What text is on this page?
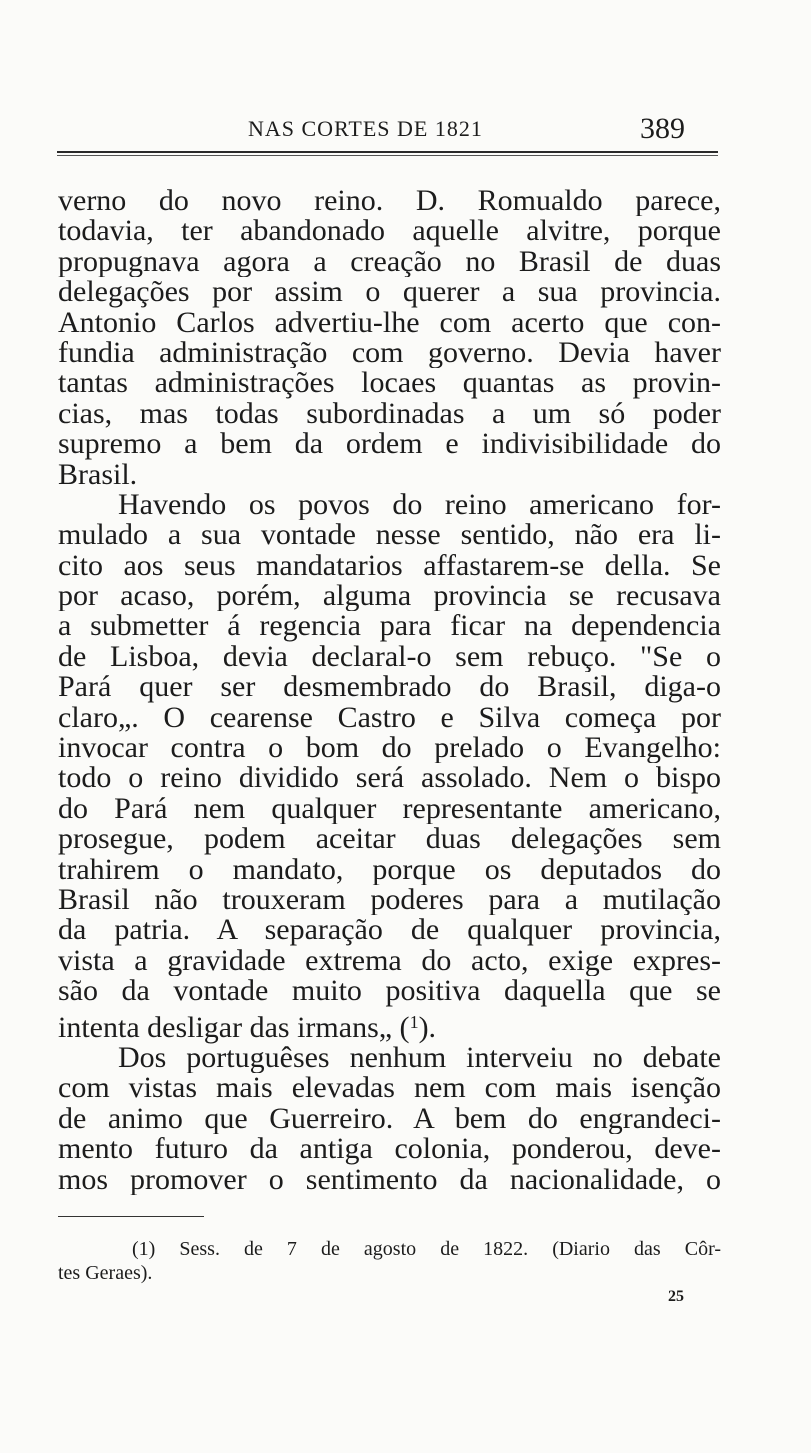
NAS CORTES DE 1821	389
verno do novo reino. D. Romualdo parece,
todavia, ter abandonado aquelle alvitre, porque
propugnava agora a creação no Brasil de duas
delegações por assim o querer a sua provincia.
Antonio Carlos advertiu-lhe com acerto que con-
fundia administração com governo. Devia haver
tantas administrações locaes quantas as provin-
cias, mas todas subordinadas a um só poder
supremo a bem da ordem e indivisibilidade do
Brasil.
Havendo os povos do reino americano for-
mulado a sua vontade nesse sentido, não era li-
cito aos seus mandatarios affastarem-se della. Se
por acaso, porém, alguma provincia se recusava
a submetter á regencia para ficar na dependencia
de Lisboa, devia declaral-o sem rebuço. "Se o
Pará quer ser desmembrado do Brasil, diga-o
claro„. O cearense Castro e Silva começa por
invocar contra o bom do prelado o Evangelho:
todo o reino dividido será assolado. Nem o bispo
do Pará nem qualquer representante americano,
prosegue, podem aceitar duas delegações sem
trahirem o mandato, porque os deputados do
Brasil não trouxeram poderes para a mutilação
da patria. A separação de qualquer provincia,
vista a gravidade extrema do acto, exige expres-
são da vontade muito positiva daquella que se
intenta desligar das irmans„ ($^1$).
Dos portuguêses nenhum interveiu no debate
com vistas mais elevadas nem com mais isenção
de animo que Guerreiro. A bem do engrandeci-
mento futuro da antiga colonia, ponderou, deve-
mos promover o sentimento da nacionalidade, o
(1) Sess. de 7 de agosto de 1822. (Diario das Côr-
tes Geraes).
25
